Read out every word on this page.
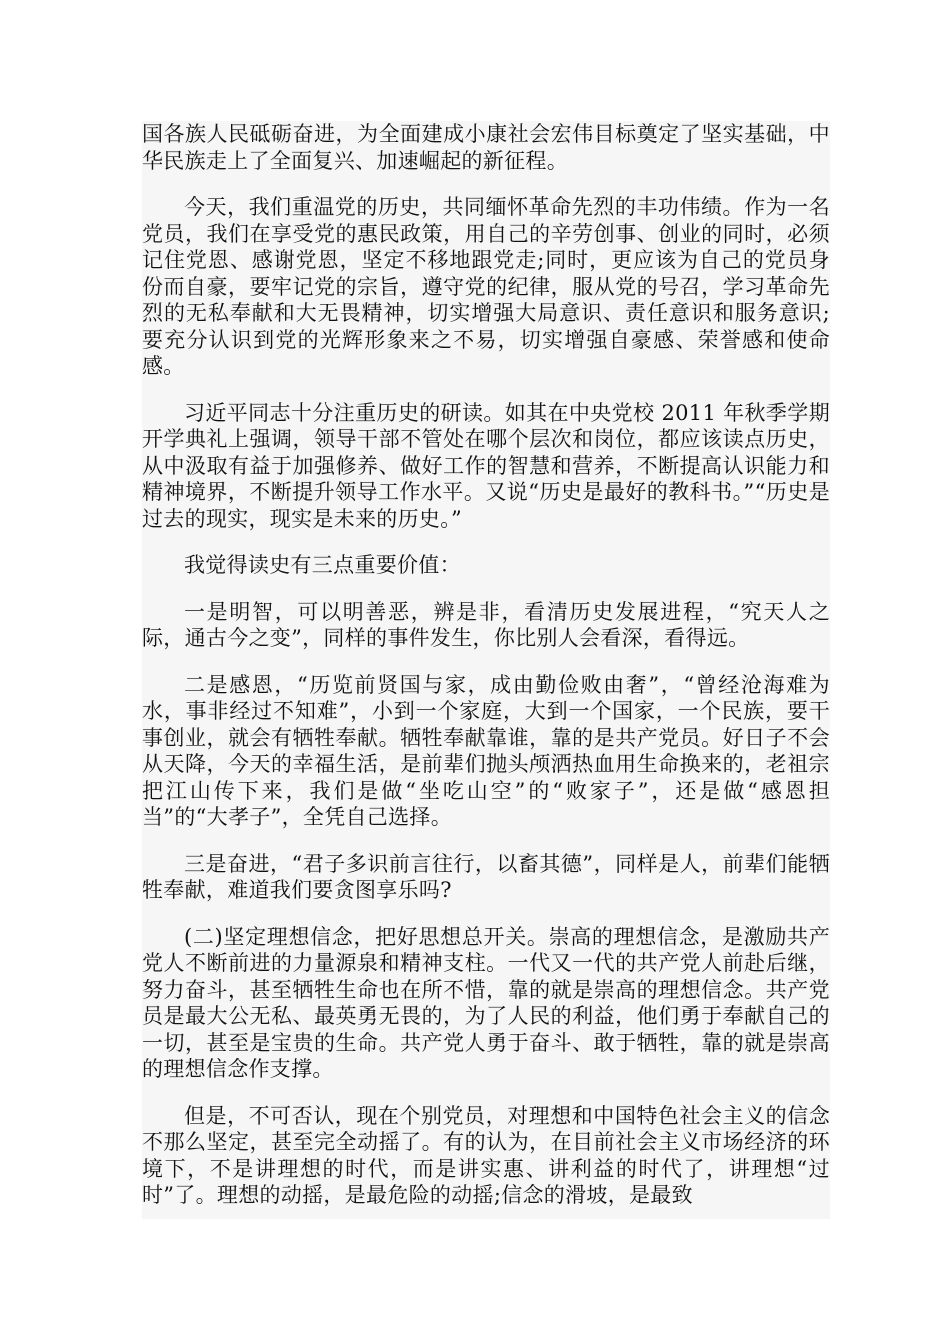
国各族人民砥砺奋进，为全面建成小康社会宏伟目标奠定了坚实基础，中华民族走上了全面复兴、加速崛起的新征程。

今天，我们重温党的历史，共同缅怀革命先烈的丰功伟绩。作为一名党员，我们在享受党的惠民政策，用自己的辛劳创事、创业的同时，必须记住党恩、感谢党恩，坚定不移地跟党走;同时，更应该为自己的党员身份而自豪，要牢记党的宗旨，遵守党的纪律，服从党的号召，学习革命先烈的无私奉献和大无畏精神，切实增强大局意识、责任意识和服务意识;要充分认识到党的光辉形象来之不易，切实增强自豪感、荣誉感和使命感。

习近平同志十分注重历史的研读。如其在中央党校 2011 年秋季学期开学典礼上强调，领导干部不管处在哪个层次和岗位，都应该读点历史，从中汲取有益于加强修养、做好工作的智慧和营养，不断提高认识能力和精神境界，不断提升领导工作水平。又说“历史是最好的教科书。”“历史是过去的现实，现实是未来的历史。”

我觉得读史有三点重要价值：

一是明智，可以明善恶，辨是非，看清历史发展进程，“究天人之际，通古今之变”，同样的事件发生，你比别人会看深，看得远。

二是感恩，“历览前贤国与家，成由勤俭败由奢”，“曾经沧海难为水，事非经过不知难”，小到一个家庭，大到一个国家，一个民族，要干事创业，就会有牺牲奉献。牺牲奉献靠谁，靠的是共产党员。好日子不会从天降，今天的幸福生活，是前辈们抛头颅洒热血用生命换来的，老祖宗把江山传下来，我们是做“坐吃山空”的“败家子”，还是做“感恩担当”的“大孝子”，全凭自己选择。

三是奋进，“君子多识前言往行，以畜其德”，同样是人，前辈们能牺牲奉献，难道我们要贪图享乐吗?

(二)坚定理想信念，把好思想总开关。崇高的理想信念，是激励共产党人不断前进的力量源泉和精神支柱。一代又一代的共产党人前赴后继，努力奋斗，甚至牺牲生命也在所不惜，靠的就是崇高的理想信念。共产党员是最大公无私、最英勇无畏的，为了人民的利益，他们勇于奉献自己的一切，甚至是宝贵的生命。共产党人勇于奋斗、敢于牺牲，靠的就是崇高的理想信念作支撑。

但是，不可否认，现在个别党员，对理想和中国特色社会主义的信念不那么坚定，甚至完全动摇了。有的认为，在目前社会主义市场经济的环境下，不是讲理想的时代，而是讲实惠、讲利益的时代了，讲理想“过时”了。理想的动摇，是最危险的动摇;信念的滑坡，是最致
